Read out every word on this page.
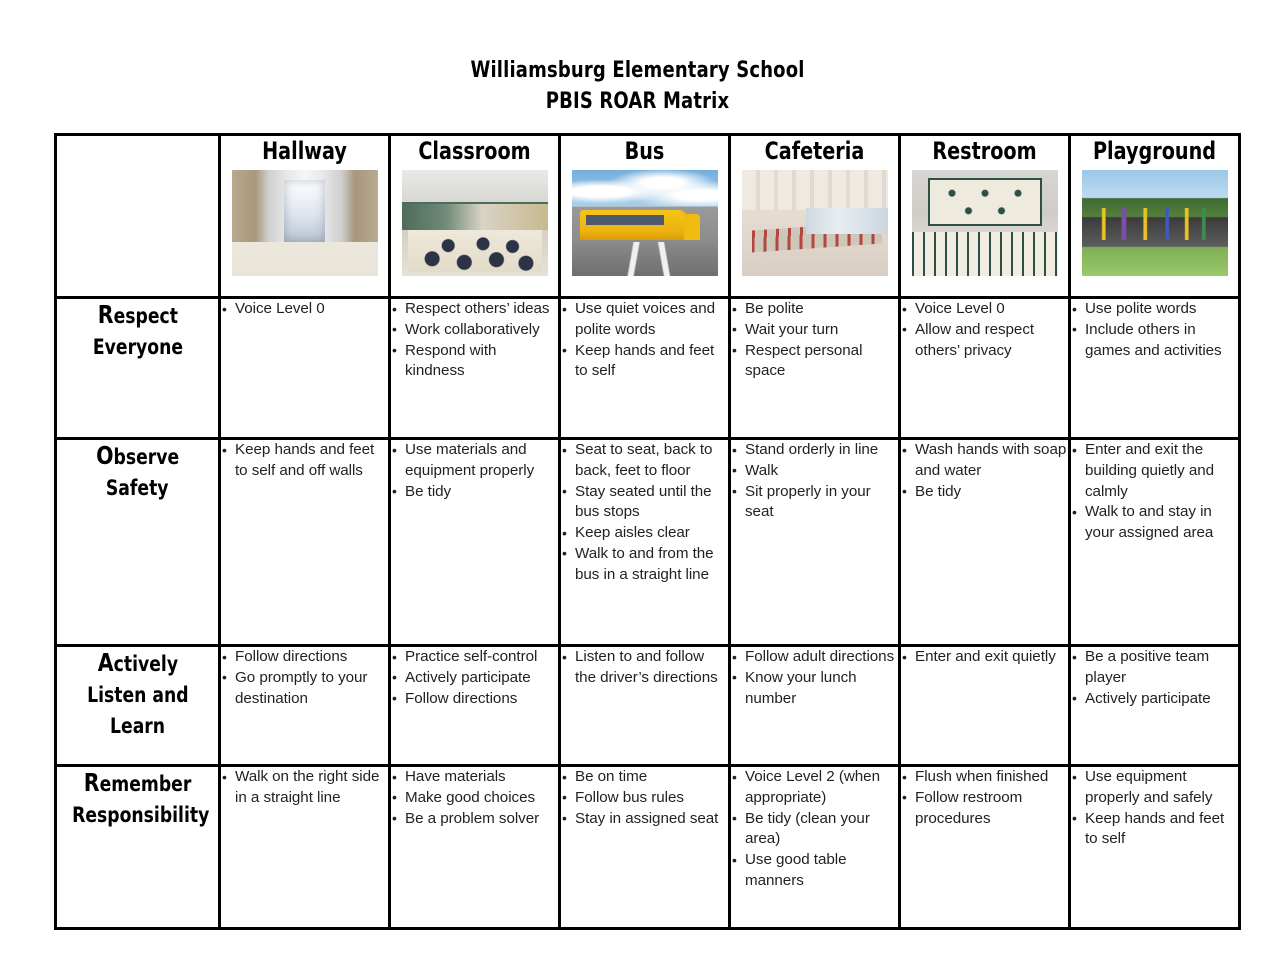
Williamsburg Elementary School
PBIS ROAR Matrix

	Hallway	Classroom	Bus	Cafeteria	Restroom	Playground

RespectEveryone	
• Voice Level 0

•Respect others’ ideas
• Work collaboratively
• Respond with kindness

• Use quiet voices and polite words
• Keep hands and feet to self

• Be polite
• Wait your turn
• Respect personal space

• Voice Level 0
• Allow and respect others’ privacy

• Use polite words
• Include others in games and activities

ObserveSafety	
• Keep hands and feet to self and off walls

• Use materials and equipment properly
• Be tidy

• Seat to seat, back to back, feet to floor
• Stay seated until the bus stops
• Keep aisles clear
• Walk to and from the bus in a straight line

• Stand orderly in line
• Walk
• Sit properly in your seat

• Wash hands with soap and water
• Be tidy

• Enter and exit the building quietly and calmly
• Walk to and stay in your assigned area

ActivelyListen andLearn	
• Follow directions
• Go promptly to your destination

• Practice self-control
• Actively participate
• Follow directions

• Listen to and follow the driver’s directions

• Follow adult directions
• Know your lunch number

• Enter and exit quietly

•Be a positive team player
• Actively participate

RememberResponsibility	
• Walk on the right side in a straight line

• Have materials
• Make good choices
• Be a problem solver

• Be on time
• Follow bus rules
• Stay in assigned seat

• Voice Level 2 (when appropriate)
• Be tidy (clean your area)
• Use good table manners

• Flush when finished
• Follow restroom procedures

• Use equipment properly and safely
• Keep hands and feet to self
